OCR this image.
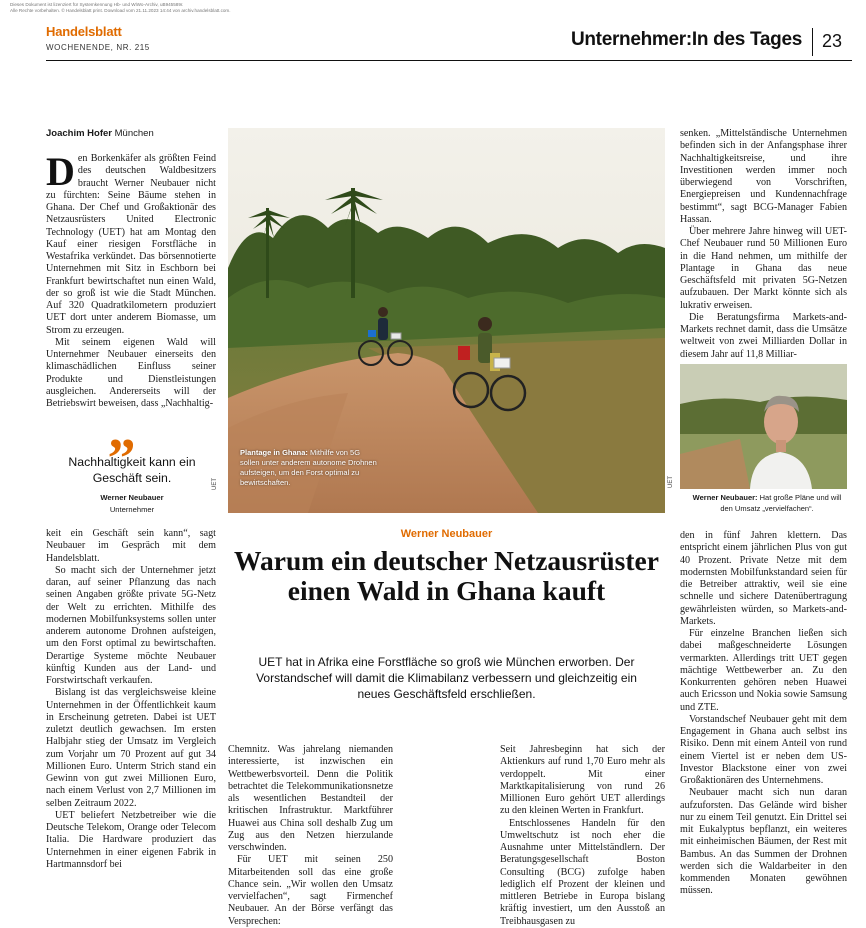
Dieses Dokument ist lizenziert für Systemkennung Hb- und WiWo-Archiv, uB945589r.
Alle Rechte vorbehalten. © Handelsblatt print. Download vom 21.11.2023 14:44 von archiv.handelsblatt.com.
Handelsblatt
WOCHENENDE, NR. 215	Unternehmer:In des Tages 23
Joachim Hofer München

Den Borkenkäfer als größten Feind des deutschen Waldbesitzers braucht Werner Neubauer nicht zu fürchten: Seine Bäume stehen in Ghana. Der Chef und Großaktionär des Netzausrüsters United Electronic Technology (UET) hat am Montag den Kauf einer riesigen Forstfläche in Westafrika verkündet. Das börsennotierte Unternehmen mit Sitz in Eschborn bei Frankfurt bewirtschaftet nun einen Wald, der so groß ist wie die Stadt München. Auf 320 Quadratkilometern produziert UET dort unter anderem Biomasse, um Strom zu erzeugen.

Mit seinem eigenen Wald will Unternehmer Neubauer einerseits den klimaschädlichen Einfluss seiner Produkte und Dienstleistungen ausgleichen. Andererseits will der Betriebswirt beweisen, dass „Nachhaltig-

„
Nachhaltigkeit kann ein Geschäft sein.
Werner Neubauer
Unternehmer

keit ein Geschäft sein kann“, sagt Neubauer im Gespräch mit dem Handelsblatt.

So macht sich der Unternehmer jetzt daran, auf seiner Pflanzung das nach seinen Angaben größte private 5G-Netz der Welt zu errichten. Mithilfe des modernen Mobilfunksystems sollen unter anderem autonome Drohnen aufsteigen, um den Forst optimal zu bewirtschaften. Derartige Systeme möchte Neubauer künftig Kunden aus der Land- und Forstwirtschaft verkaufen.

Bislang ist das vergleichsweise kleine Unternehmen in der Öffentlichkeit kaum in Erscheinung getreten. Dabei ist UET zuletzt deutlich gewachsen. Im ersten Halbjahr stieg der Umsatz im Vergleich zum Vorjahr um 70 Prozent auf gut 34 Millionen Euro. Unterm Strich stand ein Gewinn von gut zwei Millionen Euro, nach einem Verlust von 2,7 Millionen im selben Zeitraum 2022.

UET beliefert Netzbetreiber wie die Deutsche Telekom, Orange oder Telecom Italia. Die Hardware produziert das Unternehmen in einer eigenen Fabrik in Hartmannsdorf bei

UET
Plantage in Ghana: Mithilfe von 5G sollen unter anderem autonome Drohnen aufsteigen, um den Forst optimal zu bewirtschaften.
Werner Neubauer
Warum ein deutscher Netzausrüster einen Wald in Ghana kauft
UET hat in Afrika eine Forstfläche so groß wie München erworben. Der Vorstandschef will damit die Klimabilanz verbessern und gleichzeitig ein neues Geschäftsfeld erschließen.

Chemnitz. Was jahrelang niemanden interessierte, ist inzwischen ein Wettbewerbsvorteil. Denn die Politik betrachtet die Telekommunikationsnetze als wesentlichen Bestandteil der kritischen Infrastruktur. Marktführer Huawei aus China soll deshalb Zug um Zug aus den Netzen hierzulande verschwinden.

Für UET mit seinen 250 Mitarbeitenden soll das eine große Chance sein. „Wir wollen den Umsatz vervielfachen“, sagt Firmenchef Neubauer. An der Börse verfängt das Versprechen:

Seit Jahresbeginn hat sich der Aktienkurs auf rund 1,70 Euro mehr als verdoppelt. Mit einer Marktkapitalisierung von rund 26 Millionen Euro gehört UET allerdings zu den kleinen Werten in Frankfurt.

Entschlossenes Handeln für den Umweltschutz ist noch eher die Ausnahme unter Mittelständlern. Der Beratungsgesellschaft Boston Consulting (BCG) zufolge haben lediglich elf Prozent der kleinen und mittleren Betriebe in Europa bislang kräftig investiert, um den Ausstoß an Treibhausgasen zu

senken. „Mittelständische Unternehmen befinden sich in der Anfangsphase ihrer Nachhaltigkeitsreise, und ihre Investitionen werden immer noch überwiegend von Vorschriften, Energiepreisen und Kundennachfrage bestimmt“, sagt BCG-Manager Fabien Hassan.

Über mehrere Jahre hinweg will UET-Chef Neubauer rund 50 Millionen Euro in die Hand nehmen, um mithilfe der Plantage in Ghana das neue Geschäftsfeld mit privaten 5G-Netzen aufzubauen. Der Markt könnte sich als lukrativ erweisen.

Die Beratungsfirma Markets-and-Markets rechnet damit, dass die Umsätze weltweit von zwei Milliarden Dollar in diesem Jahr auf 11,8 Milliar-

UET
Werner Neubauer: Hat große Pläne und will den Umsatz „vervielfachen“.

den in fünf Jahren klettern. Das entspricht einem jährlichen Plus von gut 40 Prozent. Private Netze mit dem modernsten Mobilfunkstandard seien für die Betreiber attraktiv, weil sie eine schnelle und sichere Datenübertragung gewährleisten würden, so Markets-and-Markets.

Für einzelne Branchen ließen sich dabei maßgeschneiderte Lösungen vermarkten. Allerdings tritt UET gegen mächtige Wettbewerber an. Zu den Konkurrenten gehören neben Huawei auch Ericsson und Nokia sowie Samsung und ZTE.

Vorstandschef Neubauer geht mit dem Engagement in Ghana auch selbst ins Risiko. Denn mit einem Anteil von rund einem Viertel ist er neben dem US-Investor Blackstone einer von zwei Großaktionären des Unternehmens.

Neubauer macht sich nun daran aufzuforsten. Das Gelände wird bisher nur zu einem Teil genutzt. Ein Drittel sei mit Eukalyptus bepflanzt, ein weiteres mit einheimischen Bäumen, der Rest mit Bambus. An das Summen der Drohnen werden sich die Waldarbeiter in den kommenden Monaten gewöhnen müssen.
